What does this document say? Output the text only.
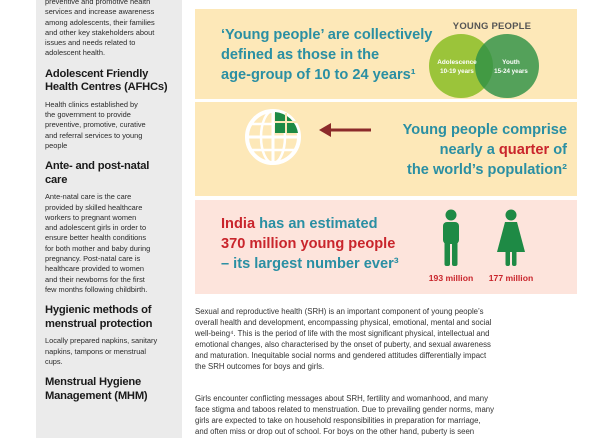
preventive and promotive health
services and increase awareness
among adolescents, their families
and other key stakeholders about
issues and needs related to
adolescent health.

Adolescent Friendly
Health Centres (AFHCs)

Health clinics established by
the government to provide
preventive, promotive, curative
and referral services to young
people

Ante- and post-natal care

Ante-natal care is the care
provided by skilled healthcare
workers to pregnant women
and adolescent girls in order to
ensure better health conditions
for both mother and baby during
pregnancy. Post-natal care is
healthcare provided to women
and their newborns for the first
few months following childbirth.

Hygienic methods of
menstrual protection

Locally prepared napkins, sanitary
napkins, tampons or menstrual
cups.

Menstrual Hygiene
Management (MHM)
‘Young people’ are collectively
defined as those in the
age-group of 10 to 24 years¹
YOUNG PEOPLE
Adolescence
10-19 years
Youth
15-24 years
Young people comprise
nearly a quarter of
the world’s population²
India has an estimated
370 million young people
– its largest number ever³
193 million 177 million

Sexual and reproductive health (SRH) is an important component of young people’s
overall health and development, encompassing physical, emotional, mental and social
well-being⁴. This is the period of life with the most significant physical, intellectual and
emotional changes, also characterised by the onset of puberty, and sexual awareness
and maturation. Inequitable social norms and gendered attitudes differentially impact
the SRH outcomes for boys and girls.

Girls encounter conflicting messages about SRH, fertility and womanhood, and many
face stigma and taboos related to menstruation. Due to prevailing gender norms, many
girls are expected to take on household responsibilities in preparation for marriage,
and often miss or drop out of school. For boys on the other hand, puberty is seen
